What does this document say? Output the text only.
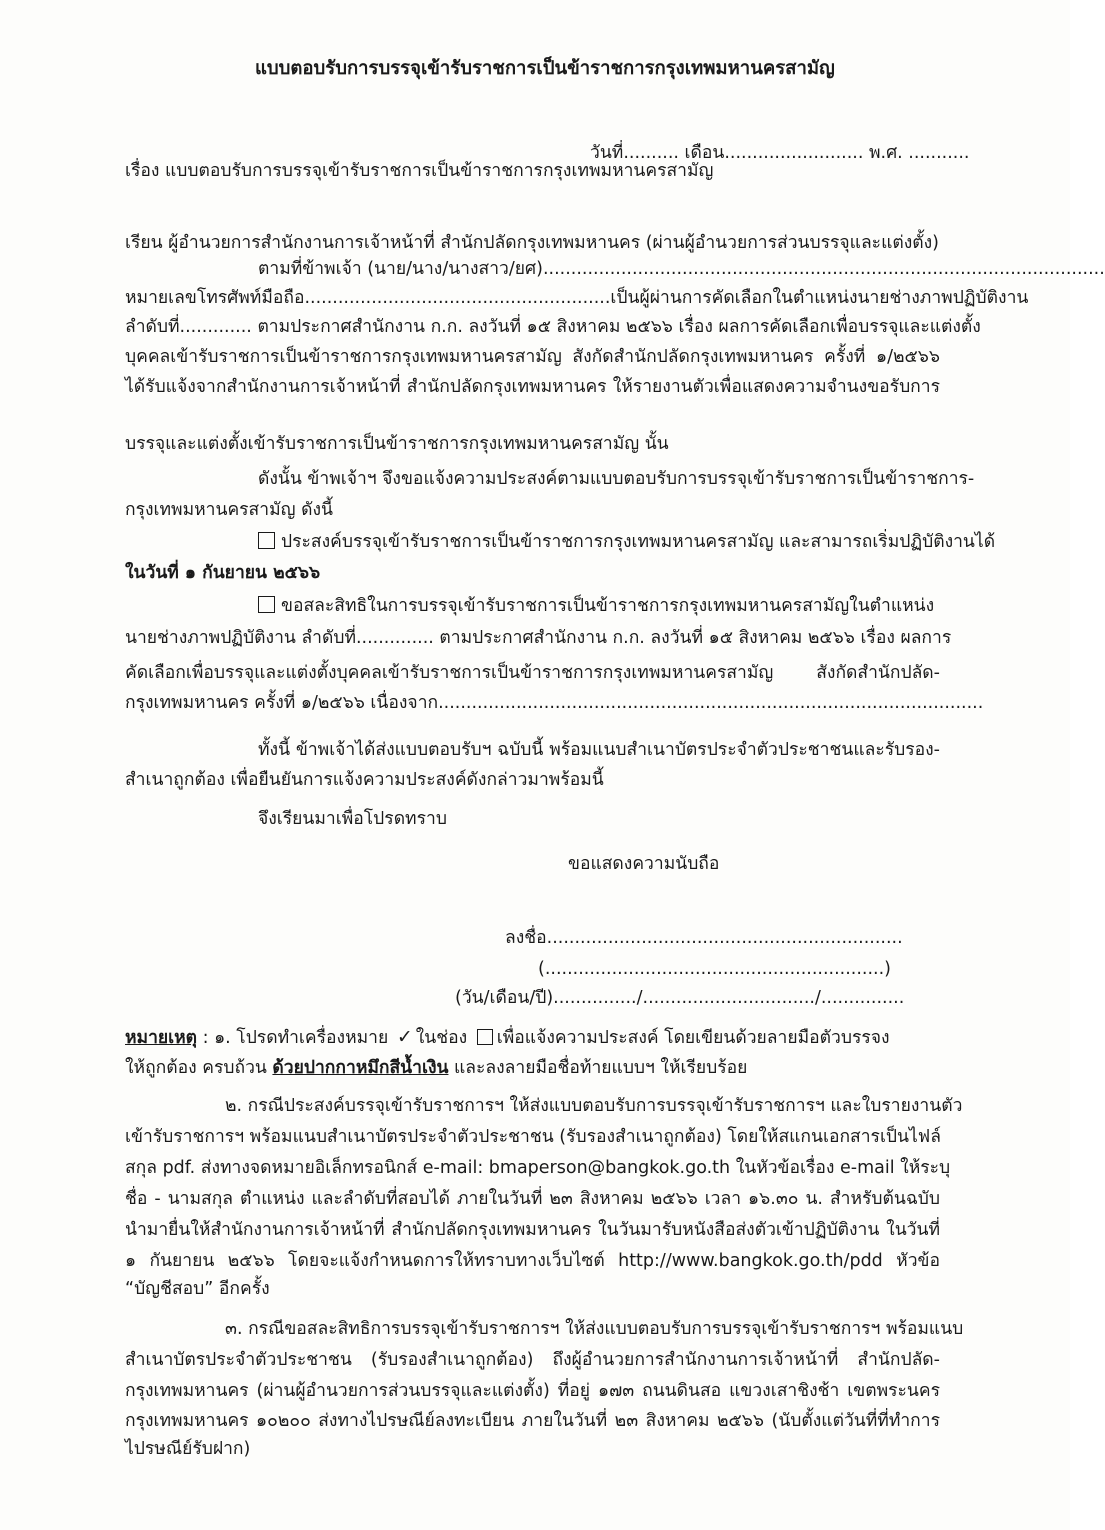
แบบตอบรับการบรรจุเข้ารับราชการเป็นข้าราชการกรุงเทพมหานครสามัญ
วันที่.......... เดือน......................... พ.ศ. ...........
เรื่อง แบบตอบรับการบรรจุเข้ารับราชการเป็นข้าราชการกรุงเทพมหานครสามัญ
เรียน ผู้อำนวยการสำนักงานการเจ้าหน้าที่ สำนักปลัดกรุงเทพมหานคร (ผ่านผู้อำนวยการส่วนบรรจุและแต่งตั้ง)
ตามที่ข้าพเจ้า (นาย/นาง/นางสาว/ยศ).....................................................................................................
หมายเลขโทรศัพท์มือถือ.......................................................เป็นผู้ผ่านการคัดเลือกในตำแหน่งนายช่างภาพปฏิบัติงาน
ลำดับที่............. ตามประกาศสำนักงาน ก.ก. ลงวันที่ ๑๕ สิงหาคม ๒๕๖๖ เรื่อง ผลการคัดเลือกเพื่อบรรจุและแต่งตั้ง
บุคคลเข้ารับราชการเป็นข้าราชการกรุงเทพมหานครสามัญ สังกัดสำนักปลัดกรุงเทพมหานคร ครั้งที่ ๑/๒๕๖๖
ได้รับแจ้งจากสำนักงานการเจ้าหน้าที่ สำนักปลัดกรุงเทพมหานคร ให้รายงานตัวเพื่อแสดงความจำนงขอรับการ
บรรจุและแต่งตั้งเข้ารับราชการเป็นข้าราชการกรุงเทพมหานครสามัญ นั้น
ดังนั้น ข้าพเจ้าฯ จึงขอแจ้งความประสงค์ตามแบบตอบรับการบรรจุเข้ารับราชการเป็นข้าราชการ-
กรุงเทพมหานครสามัญ ดังนี้
ประสงค์บรรจุเข้ารับราชการเป็นข้าราชการกรุงเทพมหานครสามัญ และสามารถเริ่มปฏิบัติงานได้
ในวันที่ ๑ กันยายน ๒๕๖๖
ขอสละสิทธิในการบรรจุเข้ารับราชการเป็นข้าราชการกรุงเทพมหานครสามัญในตำแหน่ง
นายช่างภาพปฏิบัติงาน ลำดับที่.............. ตามประกาศสำนักงาน ก.ก. ลงวันที่ ๑๕ สิงหาคม ๒๕๖๖ เรื่อง ผลการ
คัดเลือกเพื่อบรรจุและแต่งตั้งบุคคลเข้ารับราชการเป็นข้าราชการกรุงเทพมหานครสามัญ สังกัดสำนักปลัด-
กรุงเทพมหานคร ครั้งที่ ๑/๒๕๖๖ เนื่องจาก..................................................................................................
ทั้งนี้ ข้าพเจ้าได้ส่งแบบตอบรับฯ ฉบับนี้ พร้อมแนบสำเนาบัตรประจำตัวประชาชนและรับรอง-
สำเนาถูกต้อง เพื่อยืนยันการแจ้งความประสงค์ดังกล่าวมาพร้อมนี้
จึงเรียนมาเพื่อโปรดทราบ
ขอแสดงความนับถือ
ลงชื่อ................................................................
(.............................................................)
(วัน/เดือน/ปี).............../.............................../...............
หมายเหตุ : ๑. โปรดทำเครื่องหมาย ✓ ในช่อง เพื่อแจ้งความประสงค์ โดยเขียนด้วยลายมือตัวบรรจง
ให้ถูกต้อง ครบถ้วน ด้วยปากกาหมึกสีน้ำเงิน และลงลายมือชื่อท้ายแบบฯ ให้เรียบร้อย
๒. กรณีประสงค์บรรจุเข้ารับราชการฯ ให้ส่งแบบตอบรับการบรรจุเข้ารับราชการฯ และใบรายงานตัว
เข้ารับราชการฯ พร้อมแนบสำเนาบัตรประจำตัวประชาชน (รับรองสำเนาถูกต้อง) โดยให้สแกนเอกสารเป็นไฟล์
สกุล pdf. ส่งทางจดหมายอิเล็กทรอนิกส์ e-mail: bmaperson@bangkok.go.th ในหัวข้อเรื่อง e-mail ให้ระบุ
ชื่อ - นามสกุล ตำแหน่ง และลำดับที่สอบได้ ภายในวันที่ ๒๓ สิงหาคม ๒๕๖๖ เวลา ๑๖.๓๐ น. สำหรับต้นฉบับ
นำมายื่นให้สำนักงานการเจ้าหน้าที่ สำนักปลัดกรุงเทพมหานคร ในวันมารับหนังสือส่งตัวเข้าปฏิบัติงาน ในวันที่
๑ กันยายน ๒๕๖๖ โดยจะแจ้งกำหนดการให้ทราบทางเว็บไซต์ http://www.bangkok.go.th/pdd หัวข้อ
“บัญชีสอบ” อีกครั้ง
๓. กรณีขอสละสิทธิการบรรจุเข้ารับราชการฯ ให้ส่งแบบตอบรับการบรรจุเข้ารับราชการฯ พร้อมแนบ
สำเนาบัตรประจำตัวประชาชน (รับรองสำเนาถูกต้อง) ถึงผู้อำนวยการสำนักงานการเจ้าหน้าที่ สำนักปลัด-
กรุงเทพมหานคร (ผ่านผู้อำนวยการส่วนบรรจุและแต่งตั้ง) ที่อยู่ ๑๗๓ ถนนดินสอ แขวงเสาชิงช้า เขตพระนคร
กรุงเทพมหานคร ๑๐๒๐๐ ส่งทางไปรษณีย์ลงทะเบียน ภายในวันที่ ๒๓ สิงหาคม ๒๕๖๖ (นับตั้งแต่วันที่ที่ทำการ
ไปรษณีย์รับฝาก)
